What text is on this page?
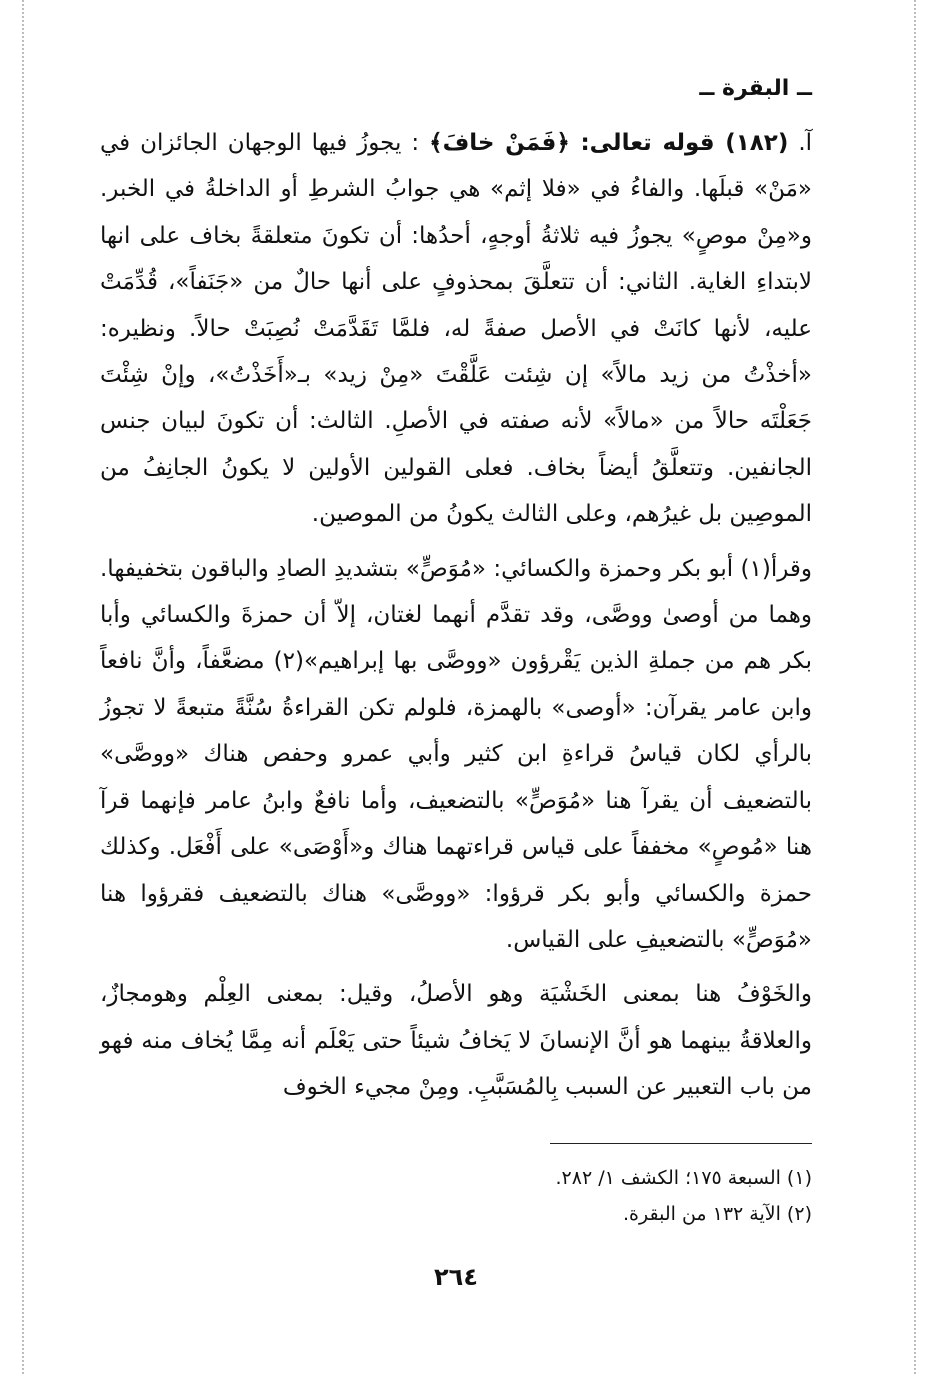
ــ البقرة ــ

آ. (١٨٢) قوله تعالى: ﴿فَمَنْ خافَ﴾ : يجوزُ فيها الوجهان الجائزان في «مَنْ» قبلَها. والفاءُ في «فلا إثم» هي جوابُ الشرطِ أو الداخلةُ في الخبر. و«مِنْ موصٍ» يجوزُ فيه ثلاثةُ أوجهٍ، أحدُها: أن تكونَ متعلقةً بخاف على انها لابتداءِ الغاية. الثاني: أن تتعلَّقَ بمحذوفٍ على أنها حالٌ من «جَنَفاً»، قُدِّمَتْ عليه، لأنها كانَتْ في الأصل صفةً له، فلمَّا تَقَدَّمَتْ نُصِبَتْ حالاً. ونظيره: «أخذْتُ من زيد مالاً» إن شِئت عَلَّقْتَ «مِنْ زيد» بـ«أَخَذْتُ»، وإنْ شِئْتَ جَعَلْتَه حالاً من «مالاً» لأنه صفته في الأصلِ. الثالث: أن تكونَ لبيان جنس الجانفين. وتتعلَّقُ أيضاً بخاف. فعلى القولين الأولين لا يكونُ الجانِفُ من الموصِين بل غيرُهم، وعلى الثالث يكونُ من الموصين.

وقرأ(١) أبو بكر وحمزة والكسائي: «مُوَصٍّ» بتشديدِ الصادِ والباقون بتخفيفها. وهما من أوصىٰ ووصَّى، وقد تقدَّم أنهما لغتان، إلاّ أن حمزةَ والكسائي وأبا بكر هم من جملةِ الذين يَقْرؤون «ووصَّى بها إبراهيم»(٢) مضعَّفاً، وأنَّ نافعاً وابن عامر يقرآن: «أوصى» بالهمزة، فلولم تكن القراءةُ سُنَّةً متبعةً لا تجوزُ بالرأي لكان قياسُ قراءةِ ابن كثير وأبي عمرو وحفص هناك «ووصَّى» بالتضعيف أن يقرآ هنا «مُوَصٍّ» بالتضعيف، وأما نافعٌ وابنُ عامر فإنهما قرآ هنا «مُوصٍ» مخففاً على قياس قراءتهما هناك و«أَوْصَى» على أَفْعَل. وكذلك حمزة والكسائي وأبو بكر قرؤوا: «ووصَّى» هناك بالتضعيف فقرؤوا هنا «مُوَصٍّ» بالتضعيفِ على القياس.

والخَوْفُ هنا بمعنى الخَشْيَة وهو الأصلُ، وقيل: بمعنى العِلْم وهومجازٌ، والعلاقةُ بينهما هو أنَّ الإنسانَ لا يَخافُ شيئاً حتى يَعْلَم أنه مِمَّا يُخاف منه فهو من باب التعبير عن السبب بِالمُسَبَّبِ. ومِنْ مجيء الخوف

(١) السبعة ١٧٥؛ الكشف ١/ ٢٨٢.

(٢) الآية ١٣٢ من البقرة.

٢٦٤
